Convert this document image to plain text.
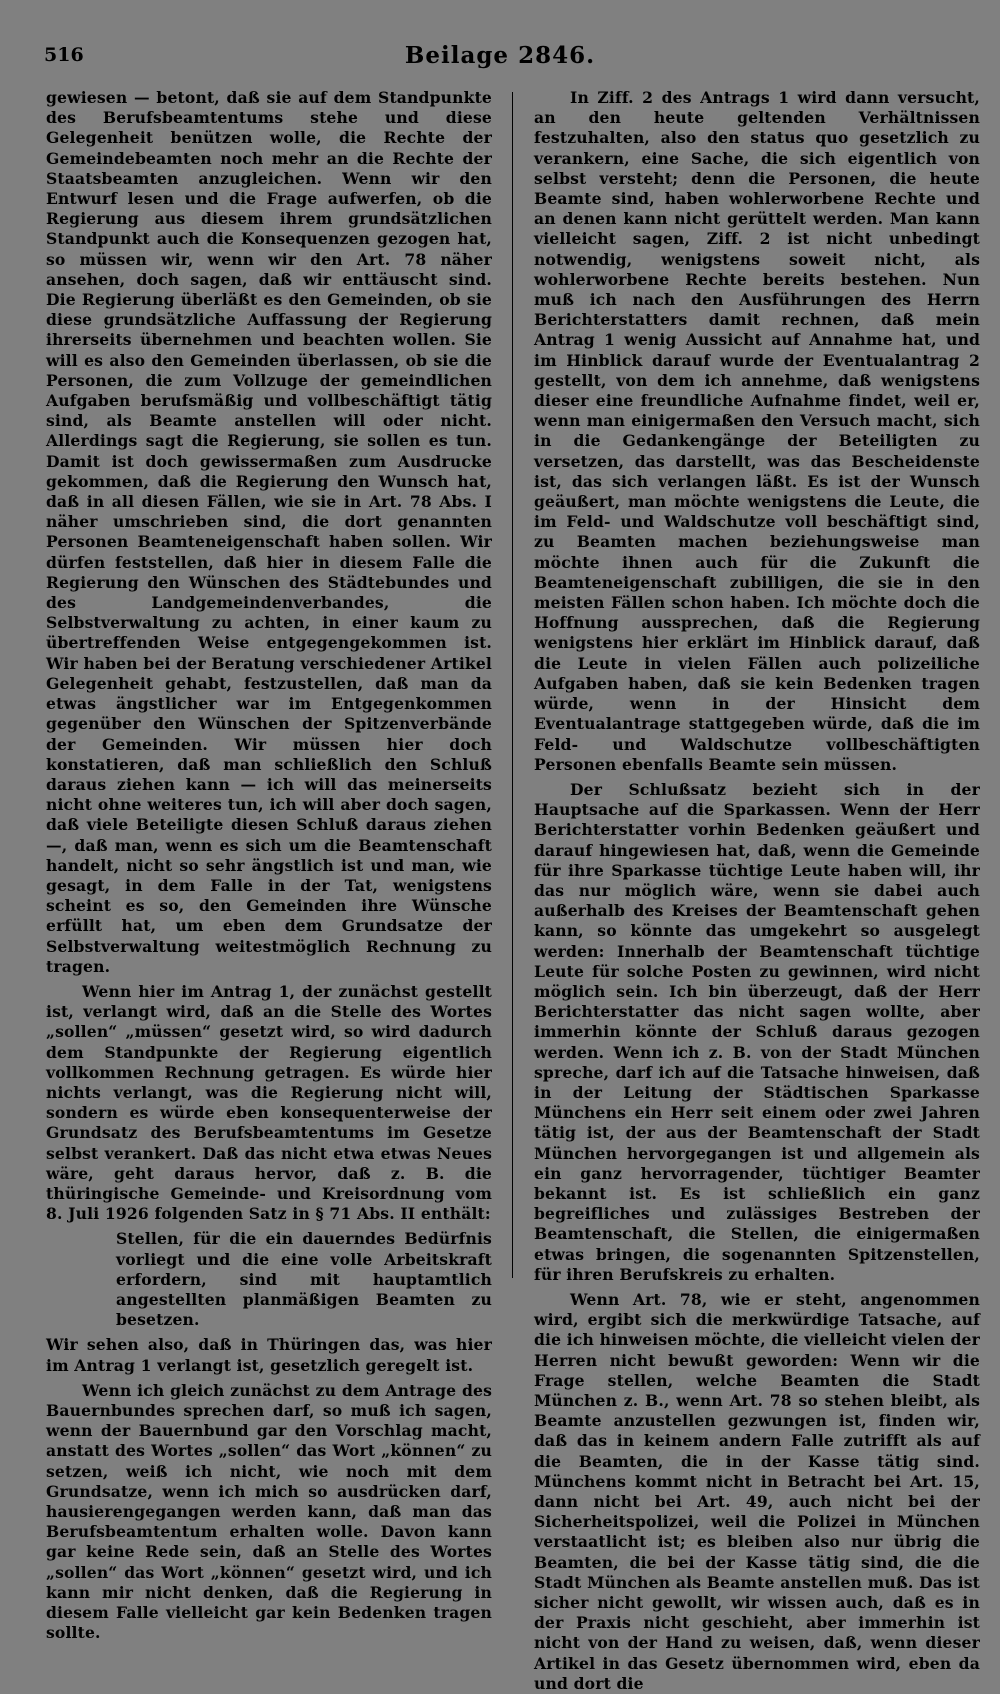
516	Beilage 2846.

gewiesen — betont, daß sie auf dem Standpunkte des Berufsbeamtentums stehe und diese Gelegenheit benützen wolle, die Rechte der Gemeindebeamten noch mehr an die Rechte der Staatsbeamten anzugleichen. Wenn wir den Entwurf lesen und die Frage aufwerfen, ob die Regierung aus diesem ihrem grundsätzlichen Standpunkt auch die Konsequenzen gezogen hat, so müssen wir, wenn wir den Art. 78 näher ansehen, doch sagen, daß wir enttäuscht sind. Die Regierung überläßt es den Gemeinden, ob sie diese grundsätzliche Auffassung der Regierung ihrerseits übernehmen und beachten wollen. Sie will es also den Gemeinden überlassen, ob sie die Personen, die zum Vollzuge der gemeindlichen Aufgaben berufsmäßig und vollbeschäftigt tätig sind, als Beamte anstellen will oder nicht. Allerdings sagt die Regierung, sie sollen es tun. Damit ist doch gewissermaßen zum Ausdrucke gekommen, daß die Regierung den Wunsch hat, daß in all diesen Fällen, wie sie in Art. 78 Abs. I näher umschrieben sind, die dort genannten Personen Beamteneigenschaft haben sollen. Wir dürfen feststellen, daß hier in diesem Falle die Regierung den Wünschen des Städtebundes und des Landgemeindenverbandes, die Selbstverwaltung zu achten, in einer kaum zu übertreffenden Weise entgegengekommen ist. Wir haben bei der Beratung verschiedener Artikel Gelegenheit gehabt, festzustellen, daß man da etwas ängstlicher war im Entgegenkommen gegenüber den Wünschen der Spitzenverbände der Gemeinden. Wir müssen hier doch konstatieren, daß man schließlich den Schluß daraus ziehen kann — ich will das meinerseits nicht ohne weiteres tun, ich will aber doch sagen, daß viele Beteiligte diesen Schluß daraus ziehen —, daß man, wenn es sich um die Beamtenschaft handelt, nicht so sehr ängstlich ist und man, wie gesagt, in dem Falle in der Tat, wenigstens scheint es so, den Gemeinden ihre Wünsche erfüllt hat, um eben dem Grundsatze der Selbstverwaltung weitestmöglich Rechnung zu tragen.

Wenn hier im Antrag 1, der zunächst gestellt ist, verlangt wird, daß an die Stelle des Wortes „sollen“ „müssen“ gesetzt wird, so wird dadurch dem Standpunkte der Regierung eigentlich vollkommen Rechnung getragen. Es würde hier nichts verlangt, was die Regierung nicht will, sondern es würde eben konsequenterweise der Grundsatz des Berufsbeamtentums im Gesetze selbst verankert. Daß das nicht etwa etwas Neues wäre, geht daraus hervor, daß z. B. die thüringische Gemeinde- und Kreisordnung vom 8. Juli 1926 folgenden Satz in § 71 Abs. II enthält:

Stellen, für die ein dauerndes Bedürfnis vorliegt und die eine volle Arbeitskraft erfordern, sind mit hauptamtlich angestellten planmäßigen Beamten zu besetzen.

Wir sehen also, daß in Thüringen das, was hier im Antrag 1 verlangt ist, gesetzlich geregelt ist.

Wenn ich gleich zunächst zu dem Antrage des Bauernbundes sprechen darf, so muß ich sagen, wenn der Bauernbund gar den Vorschlag macht, anstatt des Wortes „sollen“ das Wort „können“ zu setzen, weiß ich nicht, wie noch mit dem Grundsatze, wenn ich mich so ausdrücken darf, hausierengegangen werden kann, daß man das Berufsbeamtentum erhalten wolle. Davon kann gar keine Rede sein, daß an Stelle des Wortes „sollen“ das Wort „können“ gesetzt wird, und ich kann mir nicht denken, daß die Regierung in diesem Falle vielleicht gar kein Bedenken tragen sollte.

In Ziff. 2 des Antrags 1 wird dann versucht, an den heute geltenden Verhältnissen festzuhalten, also den status quo gesetzlich zu verankern, eine Sache, die sich eigentlich von selbst versteht; denn die Personen, die heute Beamte sind, haben wohlerworbene Rechte und an denen kann nicht gerüttelt werden. Man kann vielleicht sagen, Ziff. 2 ist nicht unbedingt notwendig, wenigstens soweit nicht, als wohlerworbene Rechte bereits bestehen. Nun muß ich nach den Ausführungen des Herrn Berichterstatters damit rechnen, daß mein Antrag 1 wenig Aussicht auf Annahme hat, und im Hinblick darauf wurde der Eventualantrag 2 gestellt, von dem ich annehme, daß wenigstens dieser eine freundliche Aufnahme findet, weil er, wenn man einigermaßen den Versuch macht, sich in die Gedankengänge der Beteiligten zu versetzen, das darstellt, was das Bescheidenste ist, das sich verlangen läßt. Es ist der Wunsch geäußert, man möchte wenigstens die Leute, die im Feld- und Waldschutze voll beschäftigt sind, zu Beamten machen beziehungsweise man möchte ihnen auch für die Zukunft die Beamteneigenschaft zubilligen, die sie in den meisten Fällen schon haben. Ich möchte doch die Hoffnung aussprechen, daß die Regierung wenigstens hier erklärt im Hinblick darauf, daß die Leute in vielen Fällen auch polizeiliche Aufgaben haben, daß sie kein Bedenken tragen würde, wenn in der Hinsicht dem Eventualantrage stattgegeben würde, daß die im Feld- und Waldschutze vollbeschäftigten Personen ebenfalls Beamte sein müssen.

Der Schlußsatz bezieht sich in der Hauptsache auf die Sparkassen. Wenn der Herr Berichterstatter vorhin Bedenken geäußert und darauf hingewiesen hat, daß, wenn die Gemeinde für ihre Sparkasse tüchtige Leute haben will, ihr das nur möglich wäre, wenn sie dabei auch außerhalb des Kreises der Beamtenschaft gehen kann, so könnte das umgekehrt so ausgelegt werden: Innerhalb der Beamtenschaft tüchtige Leute für solche Posten zu gewinnen, wird nicht möglich sein. Ich bin überzeugt, daß der Herr Berichterstatter das nicht sagen wollte, aber immerhin könnte der Schluß daraus gezogen werden. Wenn ich z. B. von der Stadt München spreche, darf ich auf die Tatsache hinweisen, daß in der Leitung der Städtischen Sparkasse Münchens ein Herr seit einem oder zwei Jahren tätig ist, der aus der Beamtenschaft der Stadt München hervorgegangen ist und allgemein als ein ganz hervorragender, tüchtiger Beamter bekannt ist. Es ist schließlich ein ganz begreifliches und zulässiges Bestreben der Beamtenschaft, die Stellen, die einigermaßen etwas bringen, die sogenannten Spitzenstellen, für ihren Berufskreis zu erhalten.

Wenn Art. 78, wie er steht, angenommen wird, ergibt sich die merkwürdige Tatsache, auf die ich hinweisen möchte, die vielleicht vielen der Herren nicht bewußt geworden: Wenn wir die Frage stellen, welche Beamten die Stadt München z. B., wenn Art. 78 so stehen bleibt, als Beamte anzustellen gezwungen ist, finden wir, daß das in keinem andern Falle zutrifft als auf die Beamten, die in der Kasse tätig sind. Münchens kommt nicht in Betracht bei Art. 15, dann nicht bei Art. 49, auch nicht bei der Sicherheitspolizei, weil die Polizei in München verstaatlicht ist; es bleiben also nur übrig die Beamten, die bei der Kasse tätig sind, die die Stadt München als Beamte anstellen muß. Das ist sicher nicht gewollt, wir wissen auch, daß es in der Praxis nicht geschieht, aber immerhin ist nicht von der Hand zu weisen, daß, wenn dieser Artikel in das Gesetz übernommen wird, eben da und dort die
